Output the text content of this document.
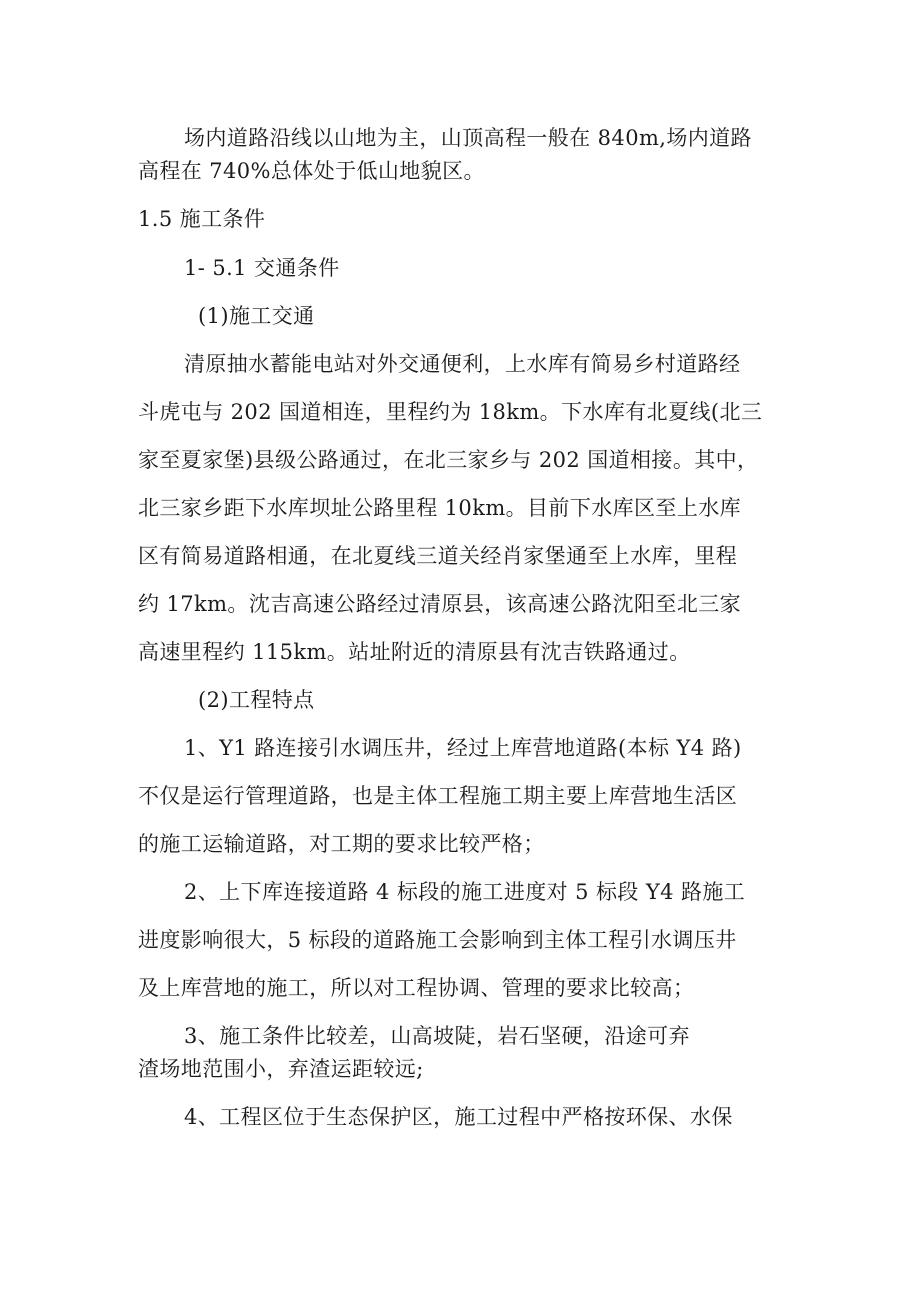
场内道路沿线以山地为主，山顶高程一般在 840m,场内道路
高程在 740%总体处于低山地貌区。
1.5 施工条件
1- 5.1 交通条件
(1)施工交通
清原抽水蓄能电站对外交通便利，上水库有简易乡村道路经
斗虎屯与 202 国道相连，里程约为 18km。下水库有北夏线(北三
家至夏家堡)县级公路通过，在北三家乡与 202 国道相接。其中，
北三家乡距下水库坝址公路里程 10km。目前下水库区至上水库
区有简易道路相通，在北夏线三道关经肖家堡通至上水库，里程
约 17km。沈吉高速公路经过清原县，该高速公路沈阳至北三家
高速里程约 115km。站址附近的清原县有沈吉铁路通过。
(2)工程特点
1、Y1 路连接引水调压井，经过上库营地道路(本标 Y4 路)
不仅是运行管理道路，也是主体工程施工期主要上库营地生活区
的施工运输道路，对工期的要求比较严格；
2、上下库连接道路 4 标段的施工进度对 5 标段 Y4 路施工
进度影响很大，5 标段的道路施工会影响到主体工程引水调压井
及上库营地的施工，所以对工程协调、管理的要求比较高；
3、施工条件比较差，山高坡陡，岩石坚硬，沿途可弃
渣场地范围小，弃渣运距较远;
4、工程区位于生态保护区，施工过程中严格按环保、水保
